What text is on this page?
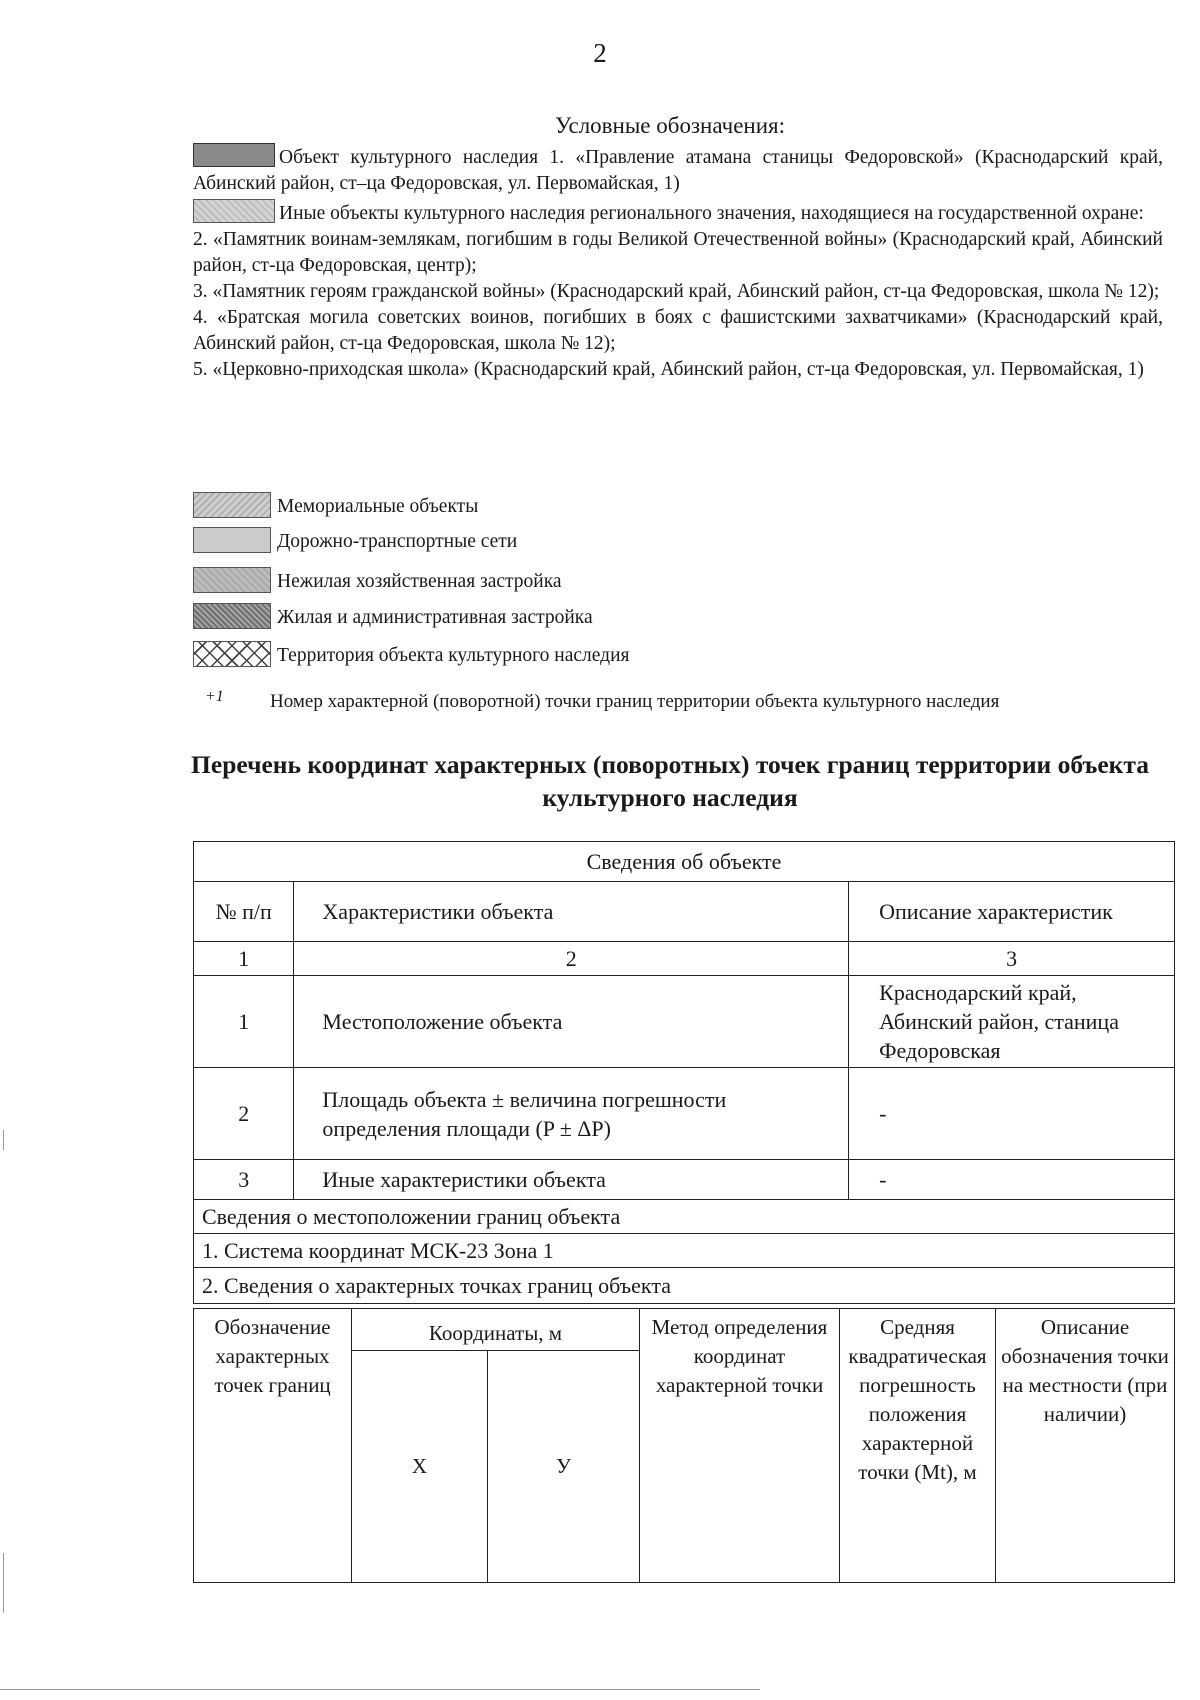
2
Условные обозначения:

Объект культурного наследия 1. «Правление атамана станицы Федоровской» (Краснодарский край, Абинский район, ст–ца Федоровская, ул. Первомайская, 1)

Иные объекты культурного наследия регионального значения, находящиеся на государственной охране:

2. «Памятник воинам-землякам, погибшим в годы Великой Отечественной войны» (Краснодарский край, Абинский район, ст-ца Федоровская, центр);

3. «Памятник героям гражданской войны» (Краснодарский край, Абинский район, ст-ца Федоровская, школа № 12);

4. «Братская могила советских воинов, погибших в боях с фашистскими захватчиками» (Краснодарский край, Абинский район, ст-ца Федоровская, школа № 12);

5. «Церковно-приходская школа» (Краснодарский край, Абинский район, ст-ца Федоровская, ул. Первомайская, 1)

Мемориальные объекты
Дорожно-транспортные сети
Нежилая хозяйственная застройка
Жилая и административная застройка
Территория объекта культурного наследия
+1 Номер характерной (поворотной) точки границ территории объекта культурного наследия
Перечень координат характерных (поворотных) точек границ территории объекта культурного наследия
Сведения об объекте		
№ п/п	Характеристики объекта	Описание характеристик
1	2	3
1	Местоположение объекта	Краснодарский край, Абинский район, станица Федоровская

2	Площадь объекта ± величина погрешности определения площади (P ± ΔP)	-
3	Иные характеристики объекта	-
Сведения о местоположении границ объекта		
1. Система координат МСК-23 Зона 1		
2. Сведения о характерных точках границ объекта		
Обозначение характерных точек границ	Координаты, м		Метод определения координат характерной точки	Средняя квадратическая погрешность положения характерной точки (Mt), м	Описание обозначения точки на местности (при наличии)
	X	У			
